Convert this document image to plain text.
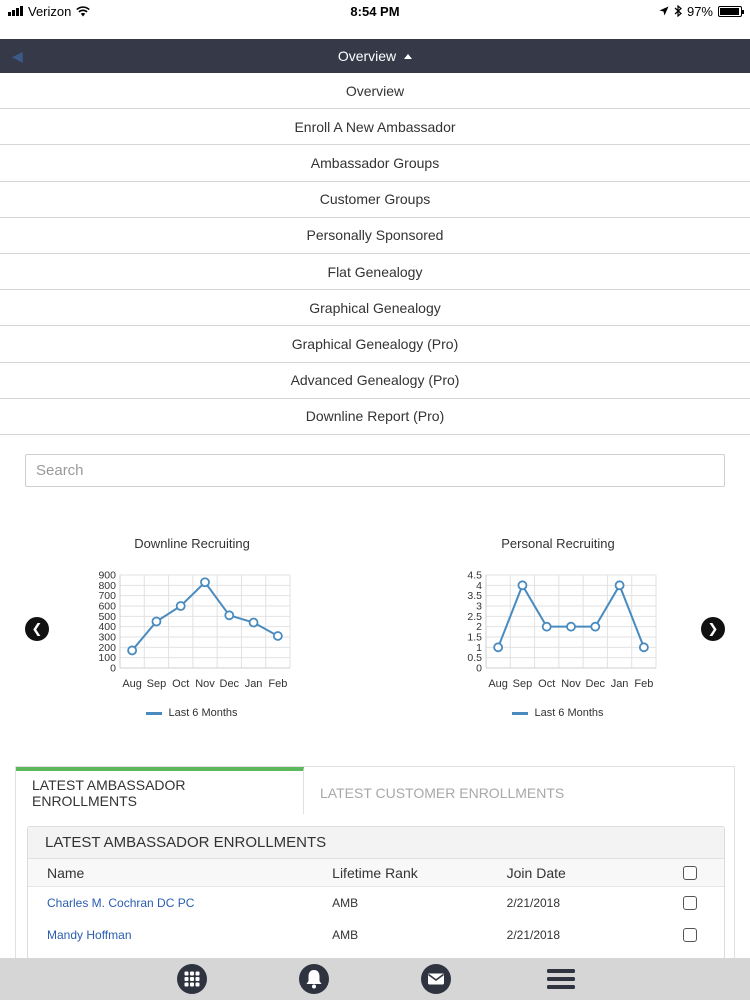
Verizon	8:54 PM	97%
◀	Overview
Overview
Enroll A New Ambassador
Ambassador Groups
Customer Groups
Personally Sponsored
Flat Genealogy
Graphical Genealogy
Graphical Genealogy (Pro)
Advanced Genealogy (Pro)
Downline Report (Pro)
Search
❮	❯
Downline Recruiting
0
100
200
300
400
500
600
700
800
900
Aug Sep Oct Nov Dec Jan Feb
Last 6 Months
Personal Recruiting
0
0.5
1
1.5
2
2.5
3
3.5
4
4.5
Aug Sep Oct Nov Dec Jan Feb
Last 6 Months
LATEST AMBASSADOR ENROLLMENTS	LATEST CUSTOMER ENROLLMENTS
LATEST AMBASSADOR ENROLLMENTS
Name	Lifetime Rank	Join Date
Charles M. Cochran DC PC	AMB	2/21/2018
Mandy Hoffman	AMB	2/21/2018
